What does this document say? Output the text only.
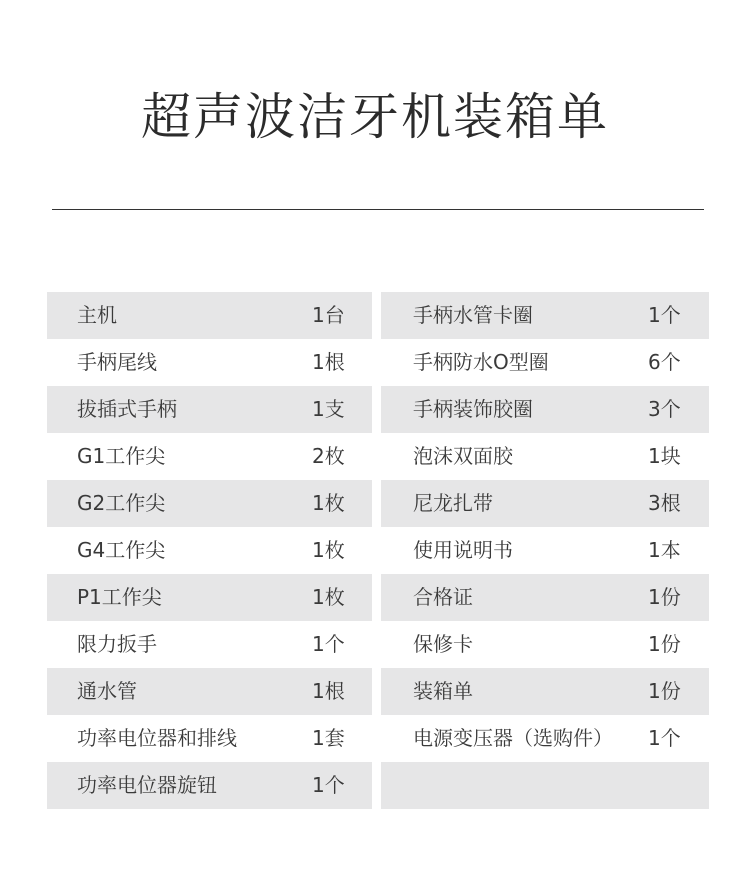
超声波洁牙机装箱单
主机	1台
手柄尾线	1根
拔插式手柄	1支
G1工作尖	2枚
G2工作尖	1枚
G4工作尖	1枚
P1工作尖	1枚
限力扳手	1个
通水管	1根
功率电位器和排线	1套
功率电位器旋钮	1个
手柄水管卡圈	1个
手柄防水O型圈	6个
手柄装饰胶圈	3个
泡沫双面胶	1块
尼龙扎带	3根
使用说明书	1本
合格证	1份
保修卡	1份
装箱单	1份
电源变压器（选购件） 1个
